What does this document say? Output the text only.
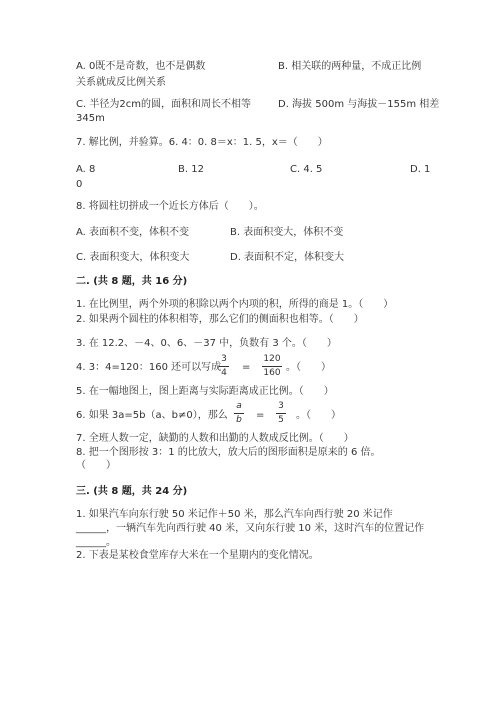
A. 0既不是奇数，也不是偶数	B. 相关联的两种量，不成正比例
关系就成反比例关系
C. 半径为2cm的圆，面积和周长不相等	D. 海拔 500m 与海拔－155m 相差
345m
7. 解比例，并验算。6. 4：0. 8＝x：1. 5，x＝（　　）
A. 8	B. 12	C. 4. 5	D. 1
0
8. 将圆柱切拼成一个近长方体后（　　）。
A. 表面积不变，体积不变	B. 表面积变大，体积不变
C. 表面积变大，体积变大	D. 表面积不定，体积变大
二. (共 8 题，共 16 分)
1. 在比例里，两个外项的积除以两个内项的积，所得的商是 1。（　　）
2. 如果两个圆柱的体积相等，那么它们的侧面积也相等。（　　）
3. 在 12.2、－4、0、6、－37 中，负数有 3 个。（　　）
4. 3：4=120：160 还可以写成
3
4 =
120
160 。（　　）
5. 在一幅地图上，图上距离与实际距离成正比例。（　　）
6. 如果 3a=5b（a、b≠0），那么
a
b =
3
5 。（　　）
7. 全班人数一定，缺勤的人数和出勤的人数成反比例。（　　）
8. 把一个图形按 3：1 的比放大，放大后的图形面积是原来的 6 倍。
（　　）
三. (共 8 题，共 24 分)
1. 如果汽车向东行驶 50 米记作＋50 米，那么汽车向西行驶 20 米记作
______，一辆汽车先向西行驶 40 米，又向东行驶 10 米，这时汽车的位置记作
______。
2. 下表是某校食堂库存大米在一个星期内的变化情况。
